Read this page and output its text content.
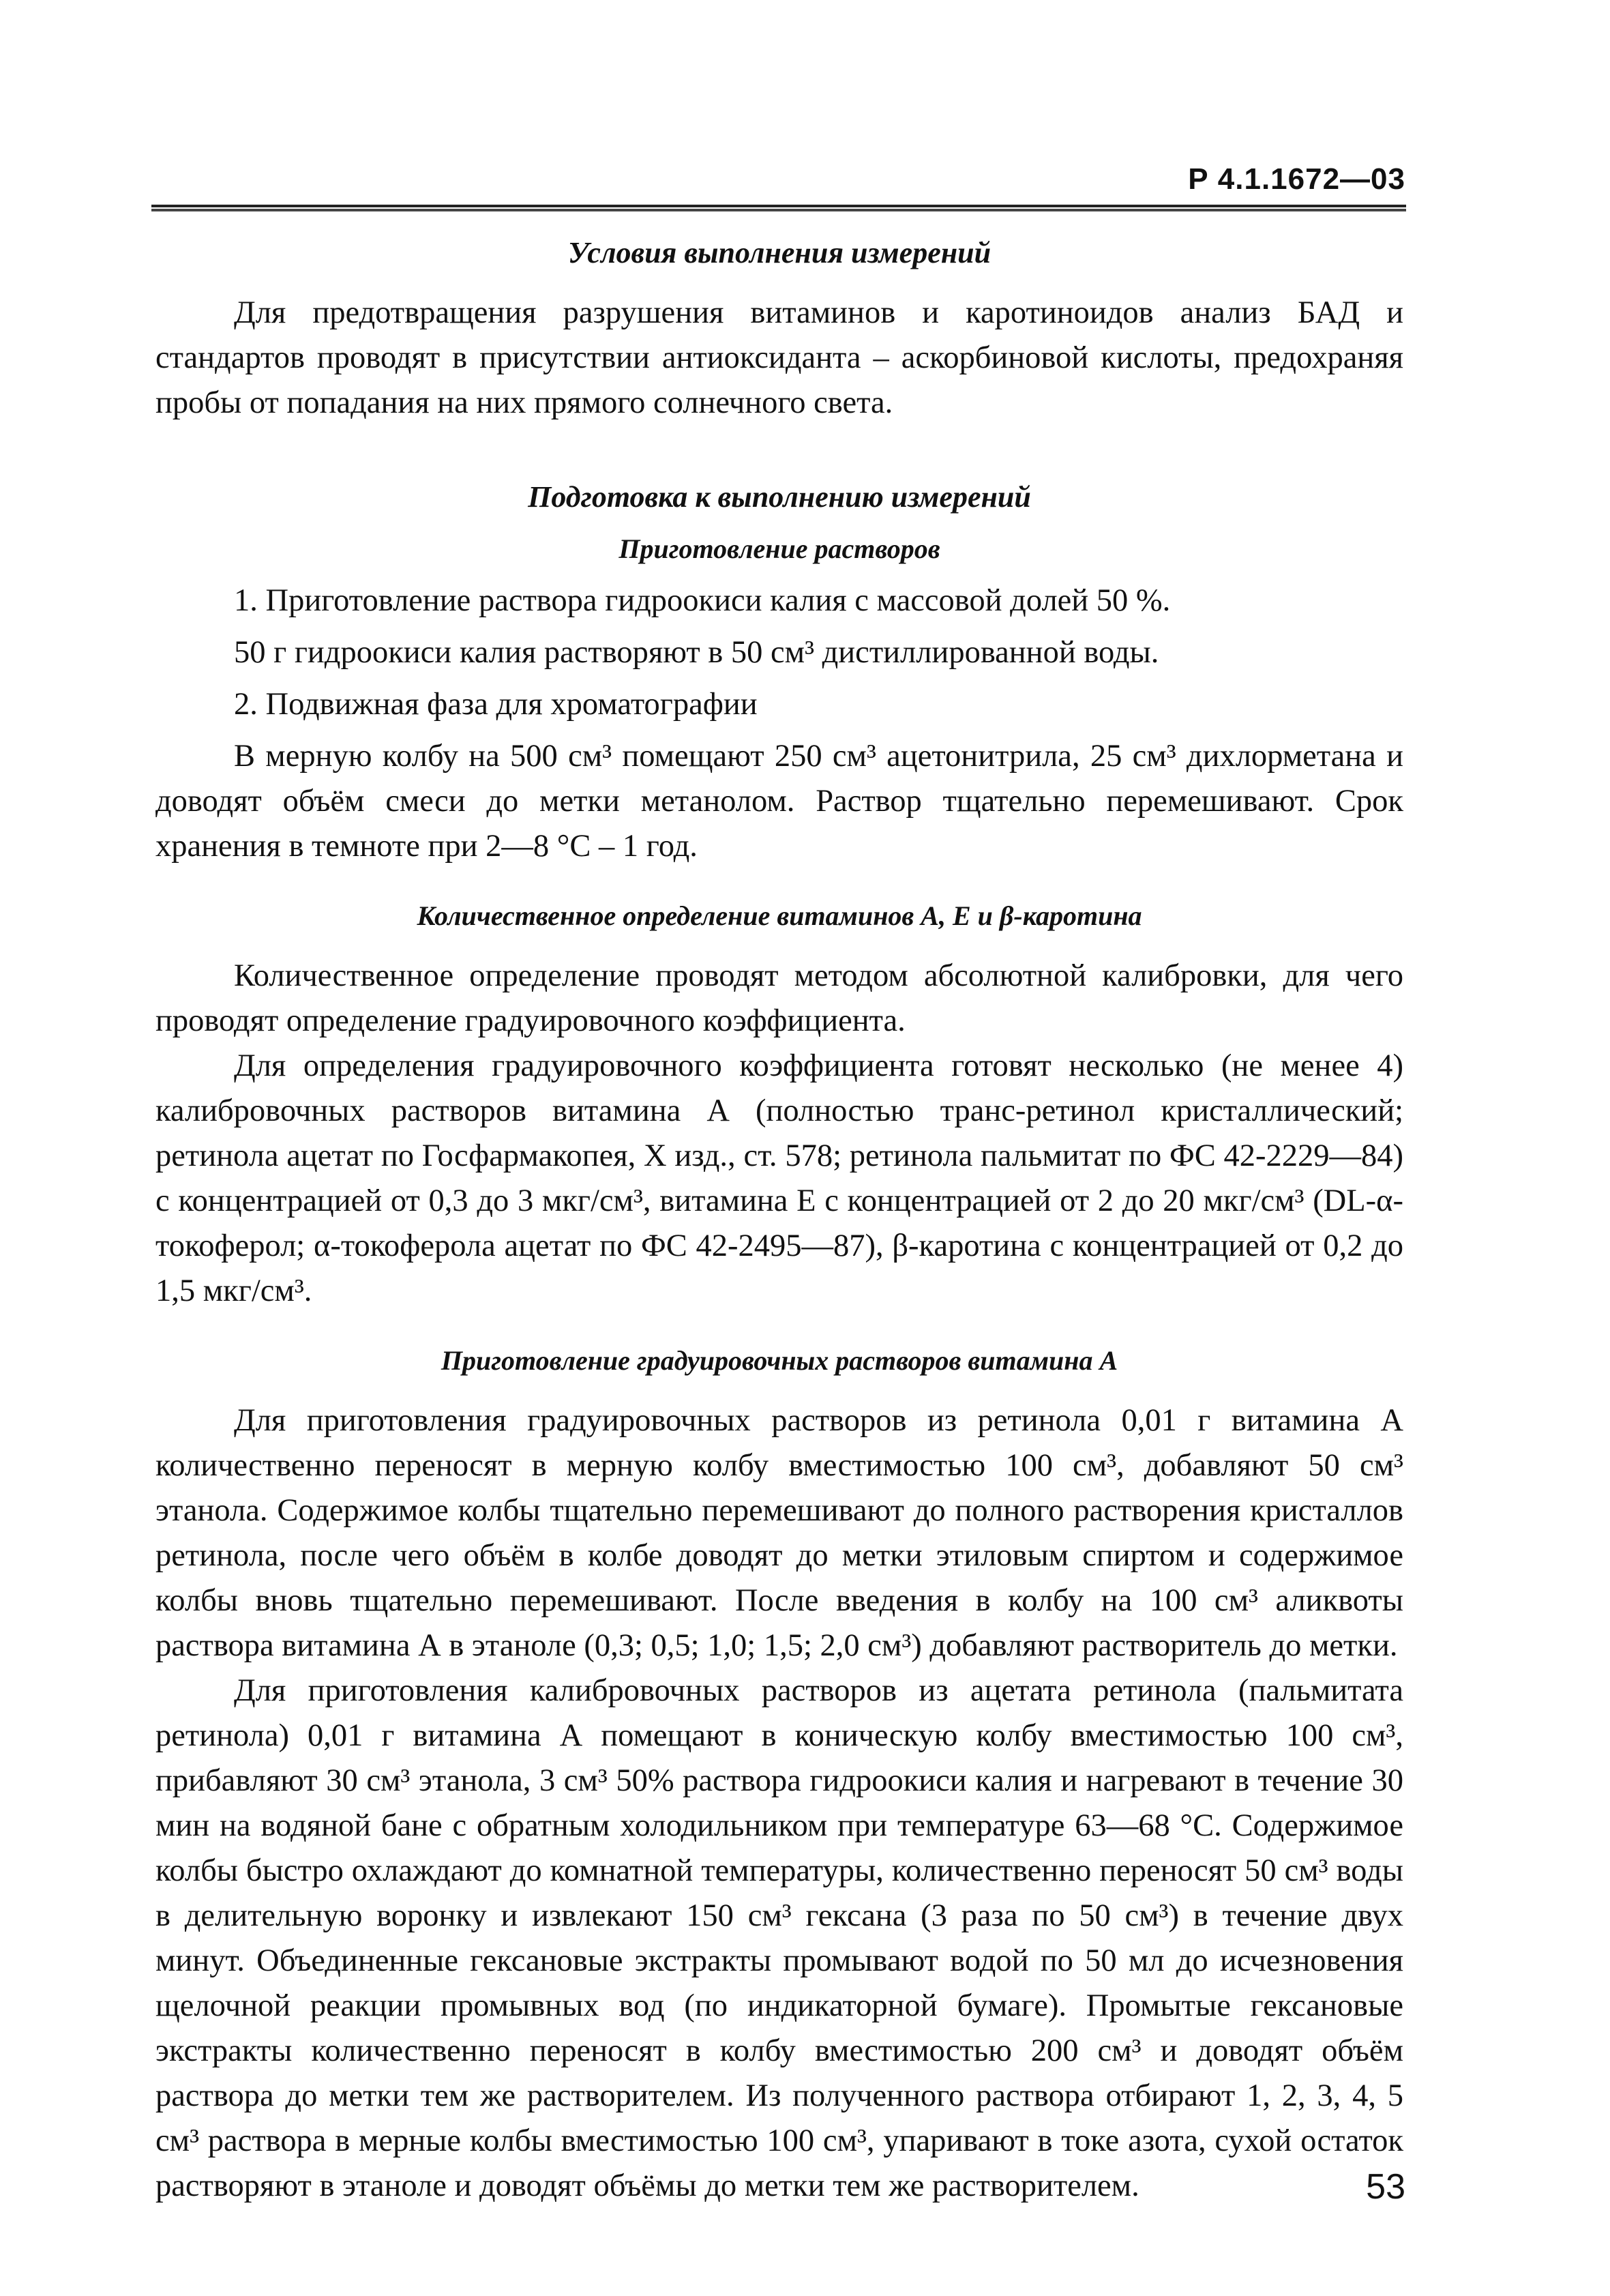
Р 4.1.1672—03
Условия выполнения измерений

Для предотвращения разрушения витаминов и каротиноидов анализ БАД и стандартов проводят в присутствии антиоксиданта – аскорбиновой кислоты, предохраняя пробы от попадания на них прямого солнечного света.

Подготовка к выполнению измерений
Приготовление растворов

1. Приготовление раствора гидроокиси калия с массовой долей 50 %.

50 г гидроокиси калия растворяют в 50 см³ дистиллированной воды.

2. Подвижная фаза для хроматографии

В мерную колбу на 500 см³ помещают 250 см³ ацетонитрила, 25 см³ дихлорметана и доводят объём смеси до метки метанолом. Раствор тщательно перемешивают. Срок хранения в темноте при 2—8 °С – 1 год.

Количественное определение витаминов А, Е и β-каротина

Количественное определение проводят методом абсолютной калибровки, для чего проводят определение градуировочного коэффициента.

Для определения градуировочного коэффициента готовят несколько (не менее 4) калибровочных растворов витамина А (полностью транс-ретинол кристаллический; ретинола ацетат по Госфармакопея, Х изд., ст. 578; ретинола пальмитат по ФС 42-2229—84) с концентрацией от 0,3 до 3 мкг/см³, витамина Е с концентрацией от 2 до 20 мкг/см³ (DL-α-токоферол; α-токоферола ацетат по ФС 42-2495—87), β-каротина с концентрацией от 0,2 до 1,5 мкг/см³.

Приготовление градуировочных растворов витамина А

Для приготовления градуировочных растворов из ретинола 0,01 г витамина А количественно переносят в мерную колбу вместимостью 100 см³, добавляют 50 см³ этанола. Содержимое колбы тщательно перемешивают до полного растворения кристаллов ретинола, после чего объём в колбе доводят до метки этиловым спиртом и содержимое колбы вновь тщательно перемешивают. После введения в колбу на 100 см³ аликвоты раствора витамина А в этаноле (0,3; 0,5; 1,0; 1,5; 2,0 см³) добавляют растворитель до метки.

Для приготовления калибровочных растворов из ацетата ретинола (пальмитата ретинола) 0,01 г витамина А помещают в коническую колбу вместимостью 100 см³, прибавляют 30 см³ этанола, 3 см³ 50% раствора гидроокиси калия и нагревают в течение 30 мин на водяной бане с обратным холодильником при температуре 63—68 °С. Содержимое колбы быстро охлаждают до комнатной температуры, количественно переносят 50 см³ воды в делительную воронку и извлекают 150 см³ гексана (3 раза по 50 см³) в течение двух минут. Объединенные гексановые экстракты промывают водой по 50 мл до исчезновения щелочной реакции промывных вод (по индикаторной бумаге). Промытые гексановые экстракты количественно переносят в колбу вместимостью 200 см³ и доводят объём раствора до метки тем же растворителем. Из полученного раствора отбирают 1, 2, 3, 4, 5 см³ раствора в мерные колбы вместимостью 100 см³, упаривают в токе азота, сухой остаток растворяют в этаноле и доводят объёмы до метки тем же растворителем.	53
